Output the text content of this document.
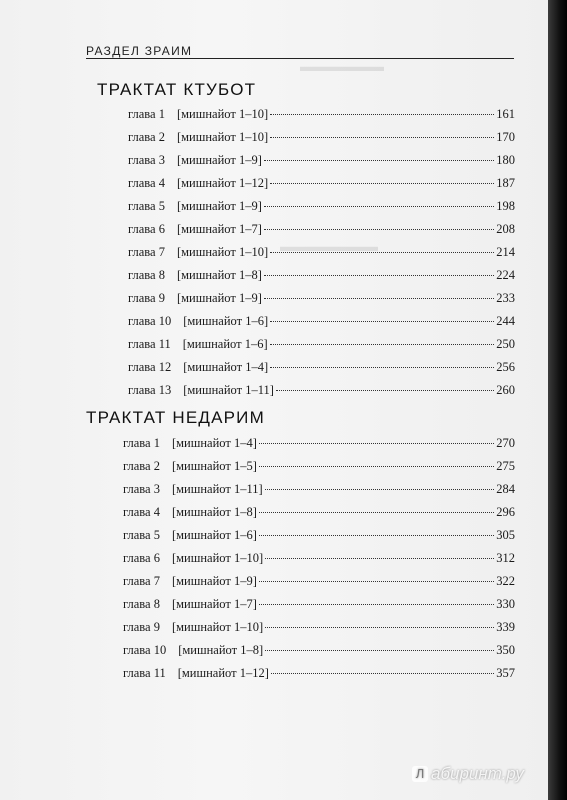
РАЗДЕЛ ЗРАИМ
▬▬▬▬▬▬
▬▬▬▬▬▬▬
ТРАКТАТ КТУБОТ
глава 1 [мишнайот 1–10]	161
глава 2 [мишнайот 1–10]	170
глава 3 [мишнайот 1–9]	180
глава 4 [мишнайот 1–12]	187
глава 5 [мишнайот 1–9]	198
глава 6 [мишнайот 1–7]	208
глава 7 [мишнайот 1–10]	214
глава 8 [мишнайот 1–8]	224
глава 9 [мишнайот 1–9]	233
глава 10 [мишнайот 1–6]	244
глава 11 [мишнайот 1–6]	250
глава 12 [мишнайот 1–4]	256
глава 13 [мишнайот 1–11]	260
ТРАКТАТ НЕДАРИМ
глава 1 [мишнайот 1–4]	270
глава 2 [мишнайот 1–5]	275
глава 3 [мишнайот 1–11]	284
глава 4 [мишнайот 1–8]	296
глава 5 [мишнайот 1–6]	305
глава 6 [мишнайот 1–10]	312
глава 7 [мишнайот 1–9]	322
глава 8 [мишнайот 1–7]	330
глава 9 [мишнайот 1–10]	339
глава 10 [мишнайот 1–8]	350
глава 11 [мишнайот 1–12]	357
Л абиринт.ру
